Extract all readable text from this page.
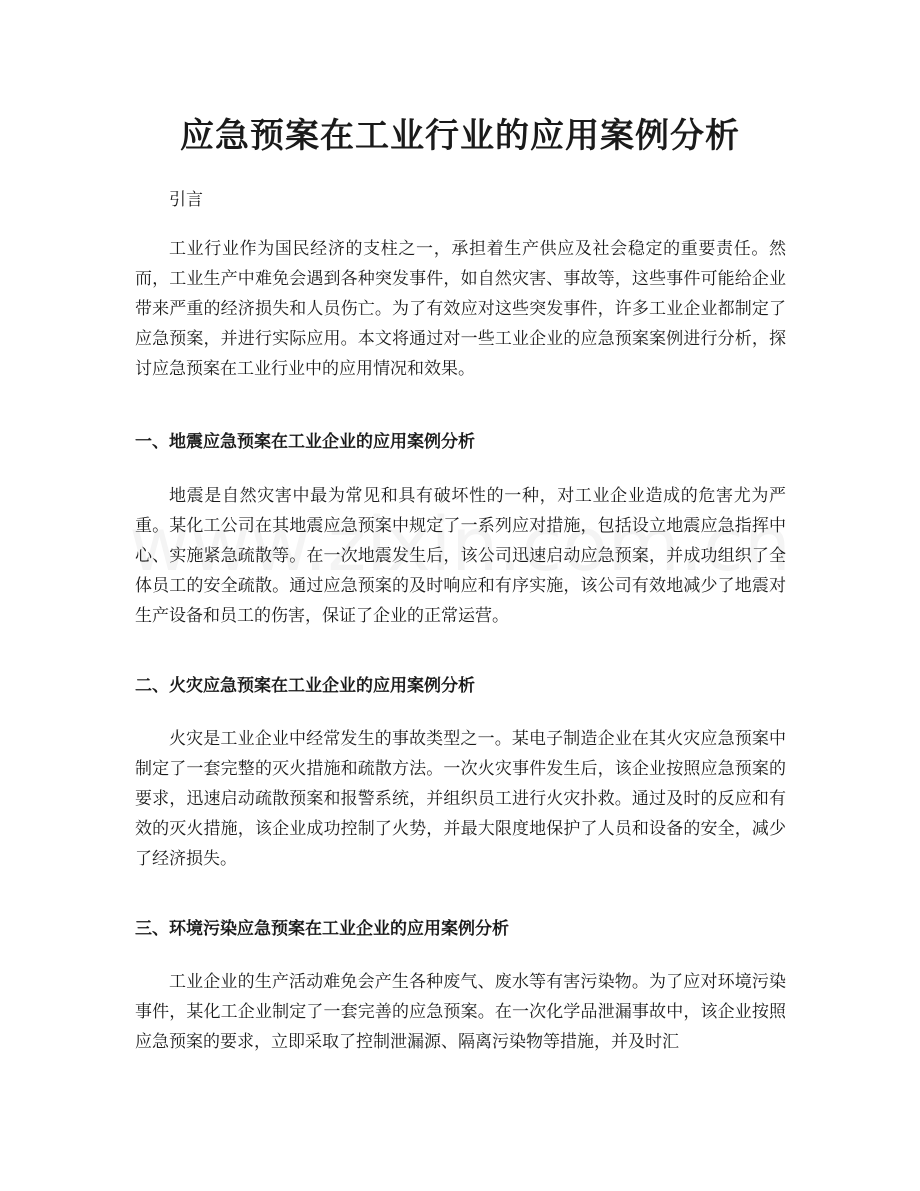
应急预案在工业行业的应用案例分析

引言

工业行业作为国民经济的支柱之一，承担着生产供应及社会稳定的重要责任。然而，工业生产中难免会遇到各种突发事件，如自然灾害、事故等，这些事件可能给企业带来严重的经济损失和人员伤亡。为了有效应对这些突发事件，许多工业企业都制定了应急预案，并进行实际应用。本文将通过对一些工业企业的应急预案案例进行分析，探讨应急预案在工业行业中的应用情况和效果。

一、地震应急预案在工业企业的应用案例分析

地震是自然灾害中最为常见和具有破坏性的一种，对工业企业造成的危害尤为严重。某化工公司在其地震应急预案中规定了一系列应对措施，包括设立地震应急指挥中心、实施紧急疏散等。在一次地震发生后，该公司迅速启动应急预案，并成功组织了全体员工的安全疏散。通过应急预案的及时响应和有序实施，该公司有效地减少了地震对生产设备和员工的伤害，保证了企业的正常运营。

二、火灾应急预案在工业企业的应用案例分析

火灾是工业企业中经常发生的事故类型之一。某电子制造企业在其火灾应急预案中制定了一套完整的灭火措施和疏散方法。一次火灾事件发生后，该企业按照应急预案的要求，迅速启动疏散预案和报警系统，并组织员工进行火灾扑救。通过及时的反应和有效的灭火措施，该企业成功控制了火势，并最大限度地保护了人员和设备的安全，减少了经济损失。

三、环境污染应急预案在工业企业的应用案例分析

工业企业的生产活动难免会产生各种废气、废水等有害污染物。为了应对环境污染事件，某化工企业制定了一套完善的应急预案。在一次化学品泄漏事故中，该企业按照应急预案的要求，立即采取了控制泄漏源、隔离污染物等措施，并及时汇
